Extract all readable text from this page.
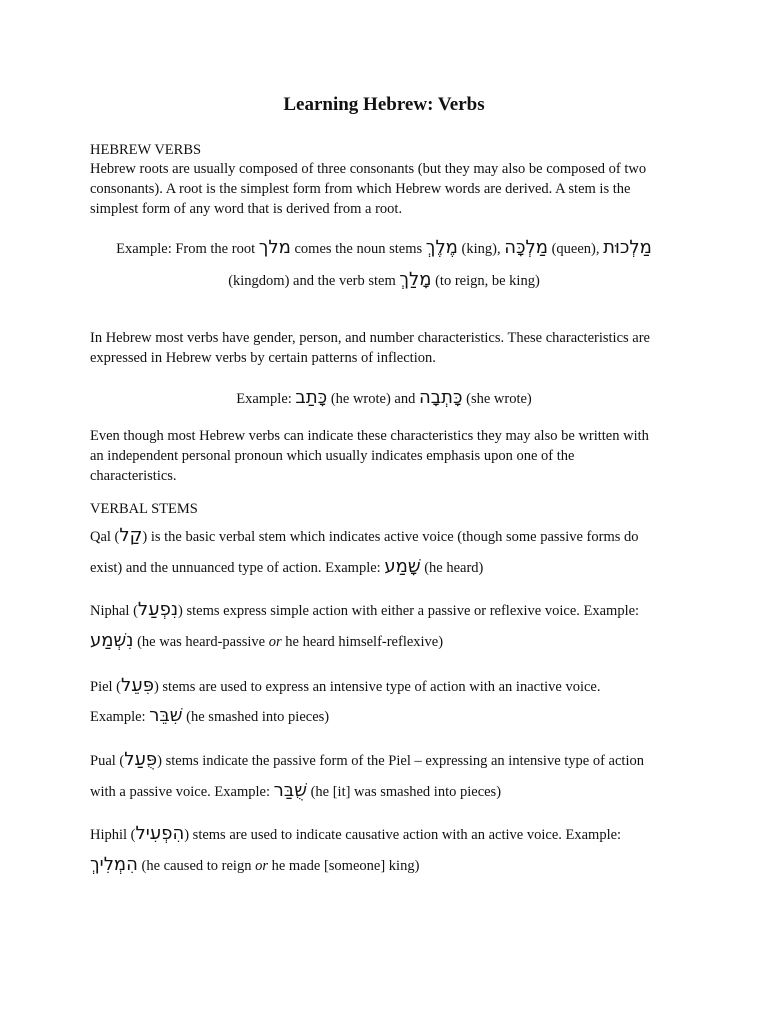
Learning Hebrew: Verbs
HEBREW VERBS
Hebrew roots are usually composed of three consonants (but they may also be composed of two
consonants). A root is the simplest form from which Hebrew words are derived. A stem is the
simplest form of any word that is derived from a root.
Example: From the root מלך comes the noun stems מֶלֶךְ (king), מַלְכָּה (queen), מַלְכוּת
(kingdom) and the verb stem מָלַךְ (to reign, be king)
In Hebrew most verbs have gender, person, and number characteristics. These characteristics are
expressed in Hebrew verbs by certain patterns of inflection.
Example: כָּתַב (he wrote) and כָּתְבָה (she wrote)
Even though most Hebrew verbs can indicate these characteristics they may also be written with
an independent personal pronoun which usually indicates emphasis upon one of the
characteristics.
VERBAL STEMS
Qal (קַל) is the basic verbal stem which indicates active voice (though some passive forms do
exist) and the unnuanced type of action. Example: שָׁמַע (he heard)
Niphal (נִפְעַל) stems express simple action with either a passive or reflexive voice. Example:
נִשְׁמַע (he was heard-passive or he heard himself-reflexive)
Piel (פִּעֵל) stems are used to express an intensive type of action with an inactive voice.
Example: שִׁבֵּר (he smashed into pieces)
Pual (פֻּעַל) stems indicate the passive form of the Piel – expressing an intensive type of action
with a passive voice. Example: שֻׁבַּר (he [it] was smashed into pieces)
Hiphil (הִפְעִיל) stems are used to indicate causative action with an active voice. Example:
הִמְלִיךְ (he caused to reign or he made [someone] king)
